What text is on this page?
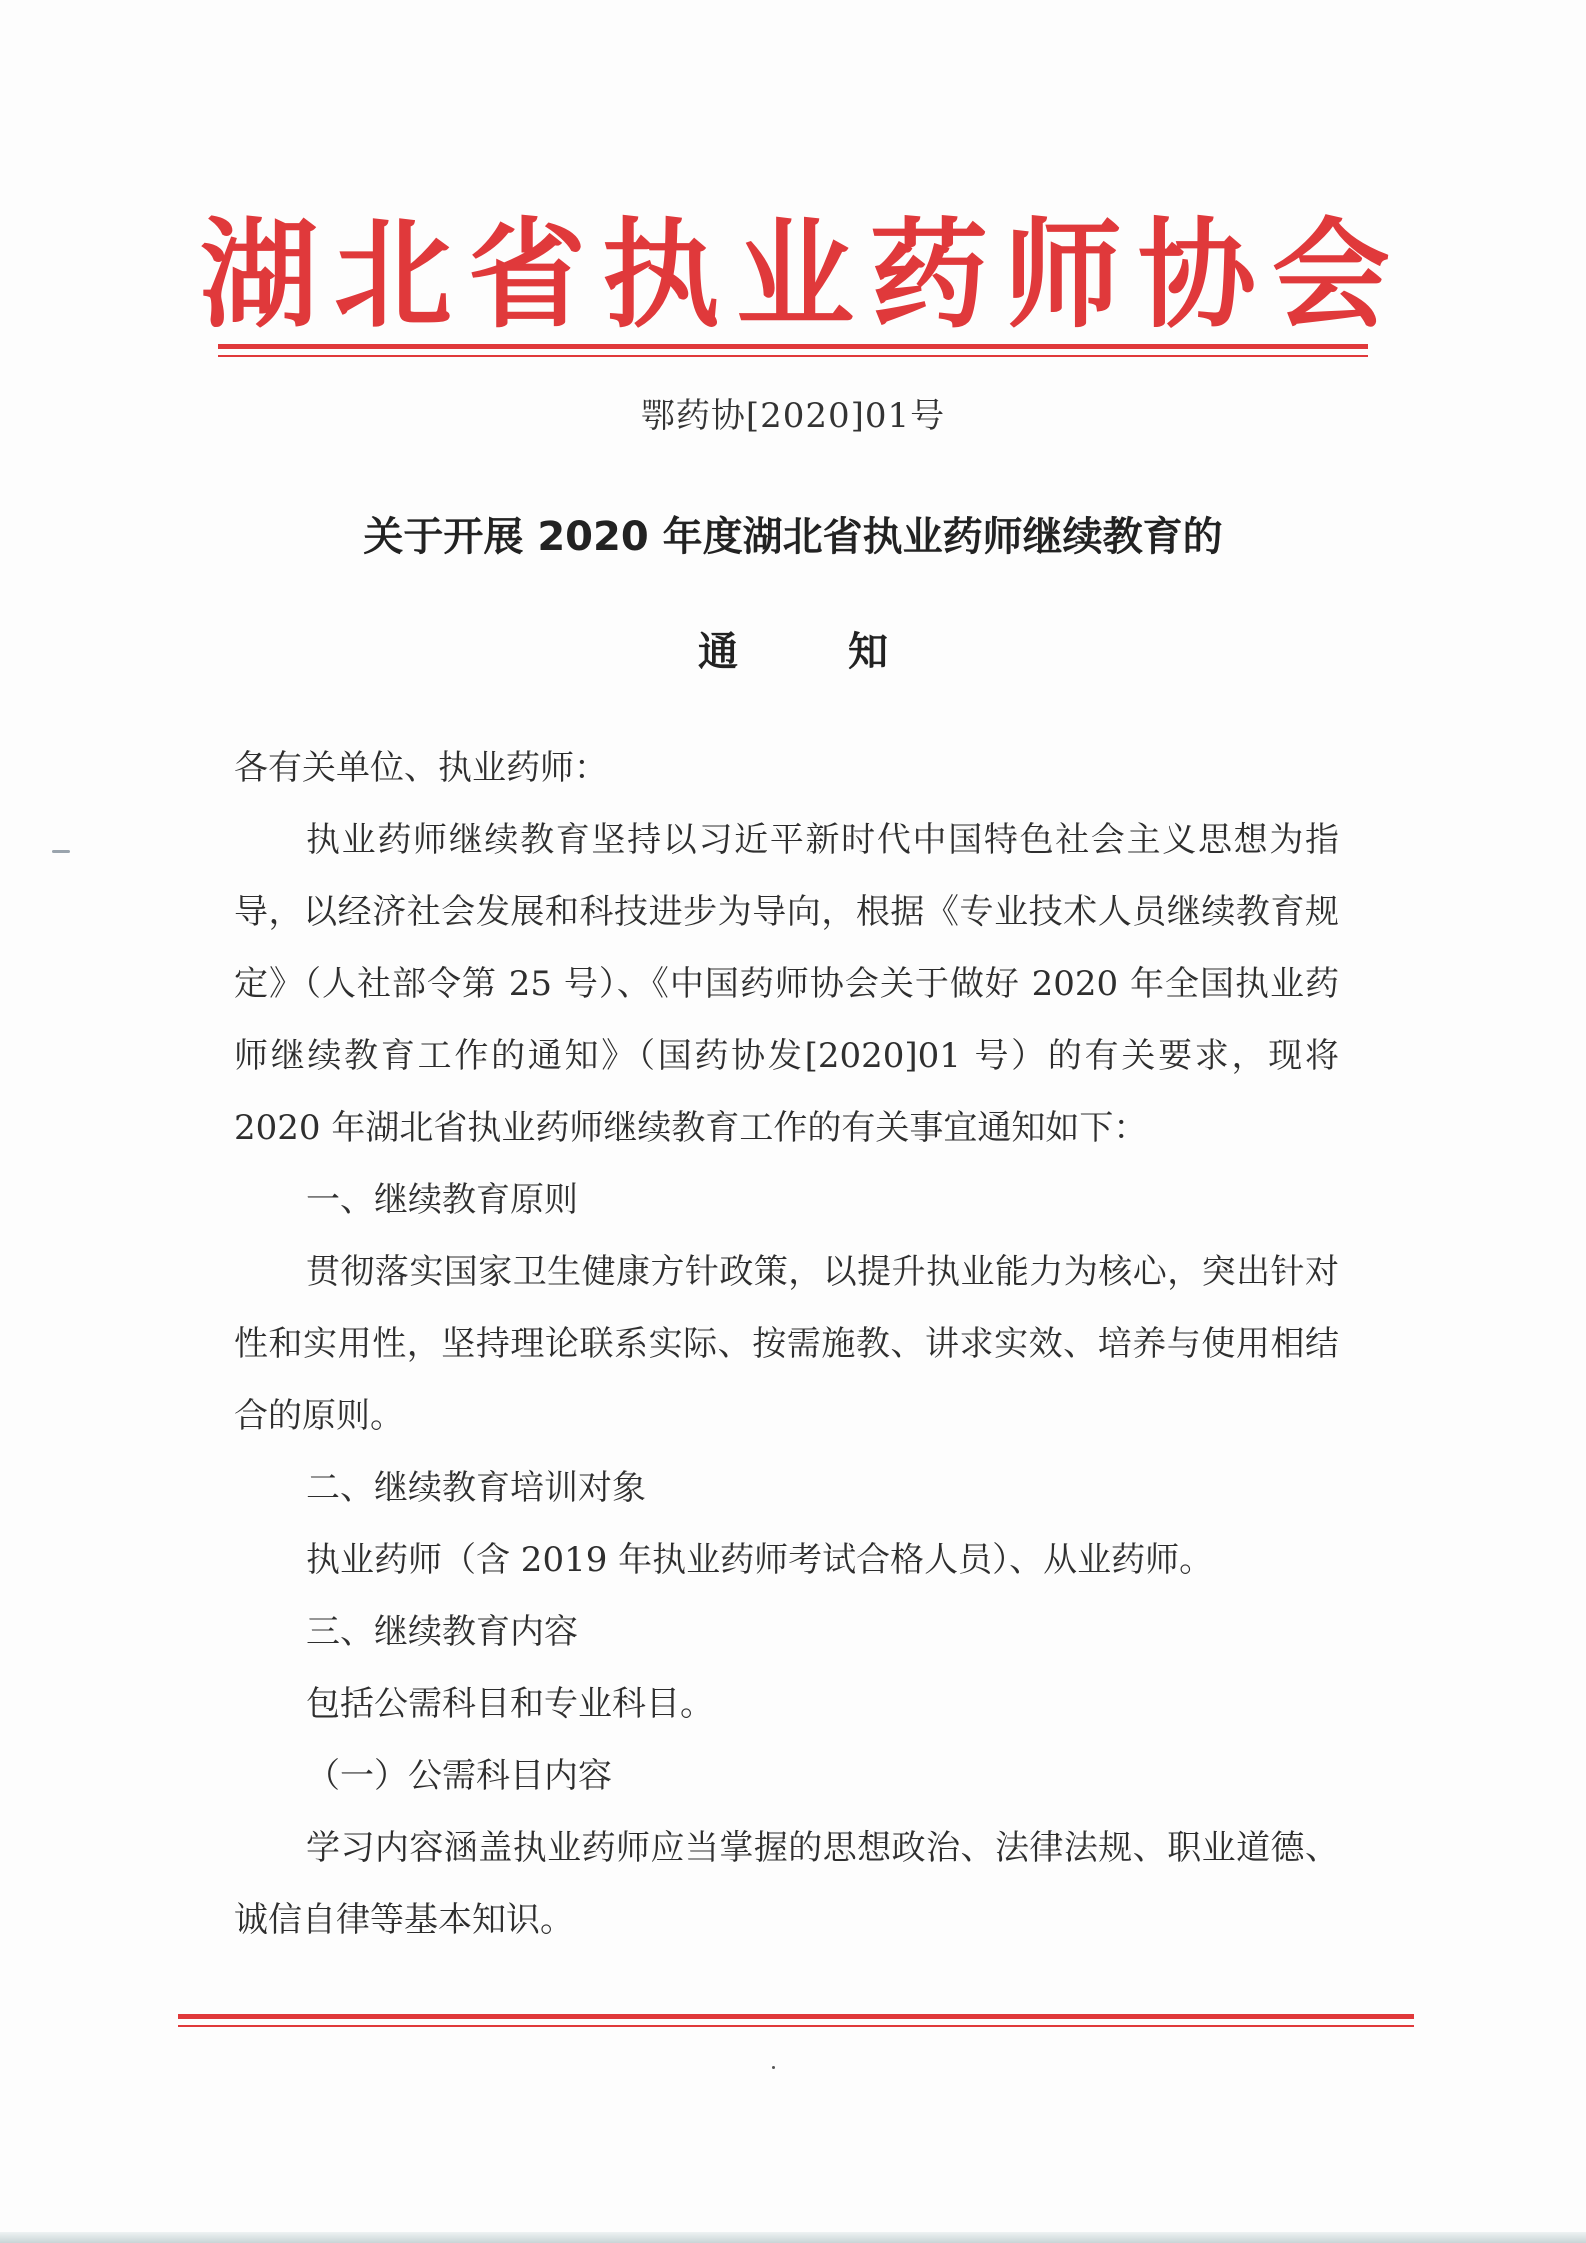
湖 北 省 执 业 药 师 协 会
鄂药协[2020]01号
关于开展 2020 年度湖北省执业药师继续教育的
通知

各有关单位、执业药师：

执业药师继续教育坚持以习近平新时代中国特色社会主义思想为指导，以经济社会发展和科技进步为导向，根据《专业技术人员继续教育规定》（人社部令第 25 号）、《中国药师协会关于做好 2020 年全国执业药师继续教育工作的通知》（国药协发[2020]01 号）的有关要求，现将 2020 年湖北省执业药师继续教育工作的有关事宜通知如下：

一、继续教育原则

贯彻落实国家卫生健康方针政策，以提升执业能力为核心，突出针对性和实用性，坚持理论联系实际、按需施教、讲求实效、培养与使用相结合的原则。

二、继续教育培训对象

执业药师（含 2019 年执业药师考试合格人员）、从业药师。

三、继续教育内容

包括公需科目和专业科目。

（一）公需科目内容

学习内容涵盖执业药师应当掌握的思想政治、法律法规、职业道德、诚信自律等基本知识。
